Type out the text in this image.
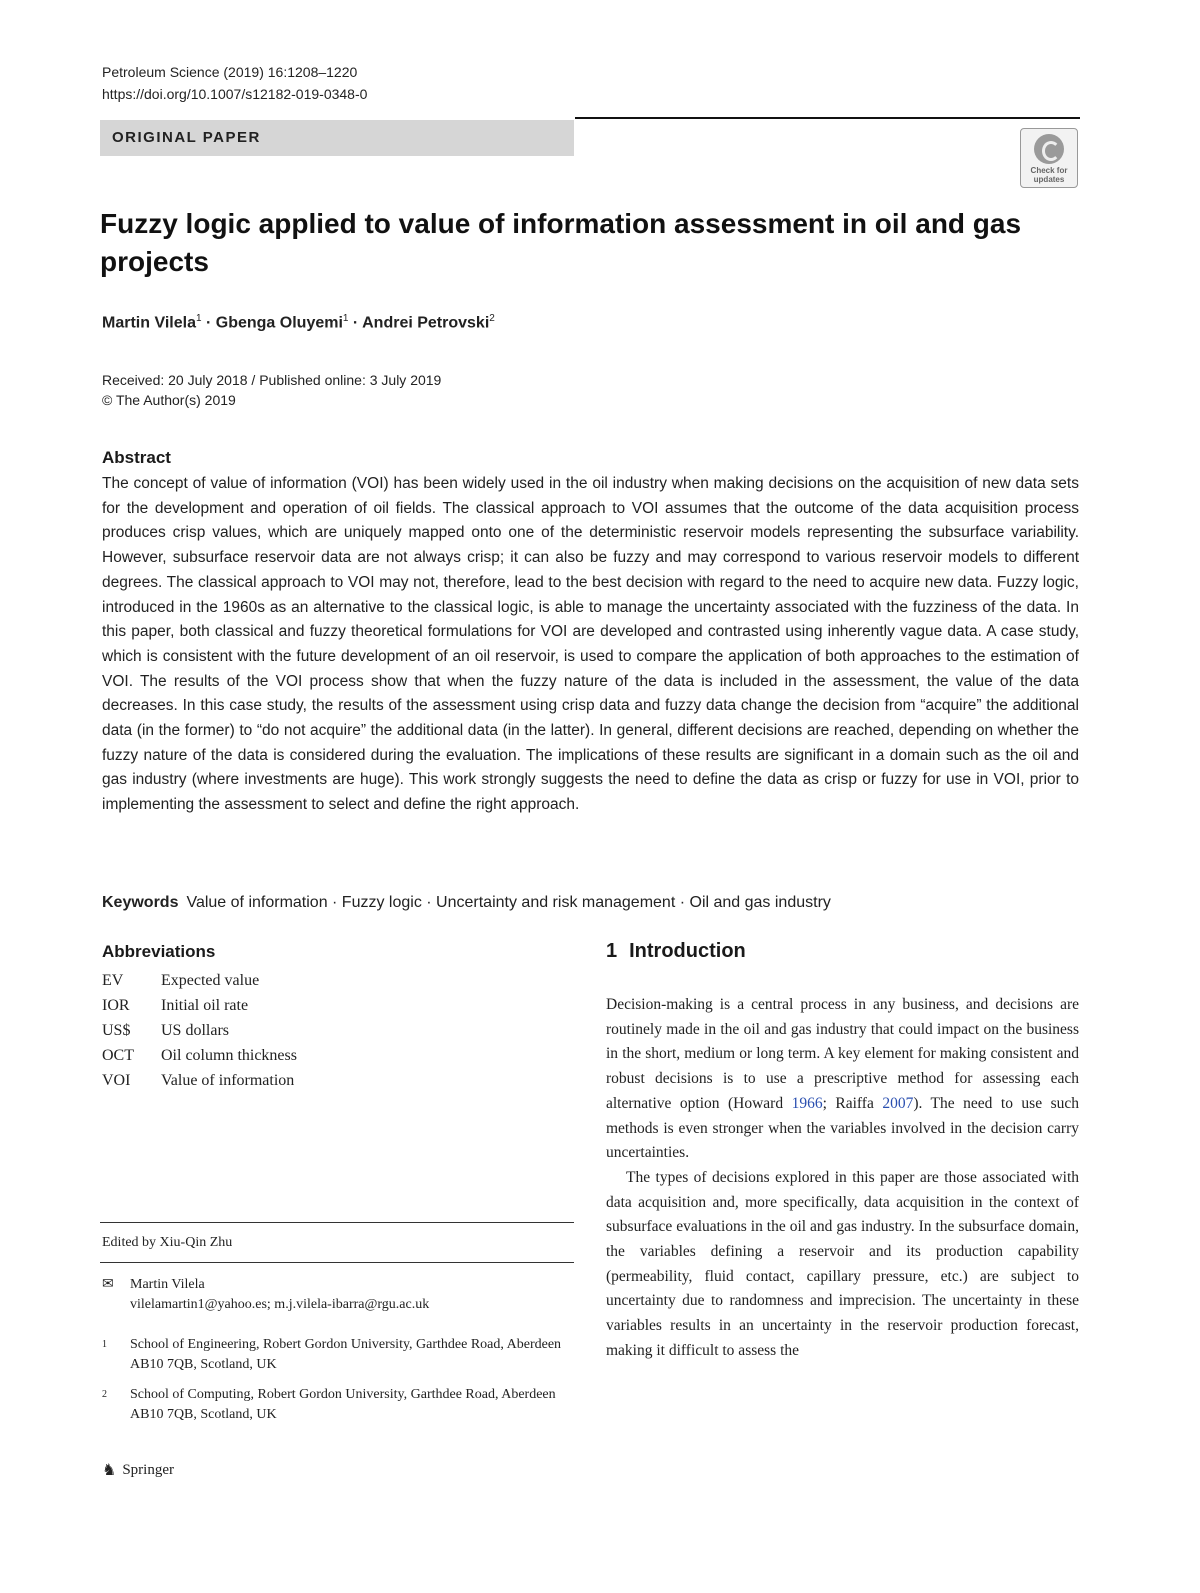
Petroleum Science (2019) 16:1208–1220
https://doi.org/10.1007/s12182-019-0348-0
ORIGINAL PAPER
Check for updates
Fuzzy logic applied to value of information assessment in oil and gas projects
Martin Vilela$^1$ · Gbenga Oluyemi$^1$ · Andrei Petrovski$^2$
Received: 20 July 2018 / Published online: 3 July 2019
© The Author(s) 2019
Abstract
The concept of value of information (VOI) has been widely used in the oil industry when making decisions on the acquisition of new data sets for the development and operation of oil fields. The classical approach to VOI assumes that the outcome of the data acquisition process produces crisp values, which are uniquely mapped onto one of the deterministic reservoir models representing the subsurface variability. However, subsurface reservoir data are not always crisp; it can also be fuzzy and may correspond to various reservoir models to different degrees. The classical approach to VOI may not, therefore, lead to the best decision with regard to the need to acquire new data. Fuzzy logic, introduced in the 1960s as an alternative to the classical logic, is able to manage the uncertainty associated with the fuzziness of the data. In this paper, both classical and fuzzy theoretical formulations for VOI are developed and contrasted using inherently vague data. A case study, which is consistent with the future development of an oil reservoir, is used to compare the application of both approaches to the estimation of VOI. The results of the VOI process show that when the fuzzy nature of the data is included in the assessment, the value of the data decreases. In this case study, the results of the assessment using crisp data and fuzzy data change the decision from “acquire” the additional data (in the former) to “do not acquire” the additional data (in the latter). In general, different decisions are reached, depending on whether the fuzzy nature of the data is considered during the evaluation. The implications of these results are significant in a domain such as the oil and gas industry (where investments are huge). This work strongly suggests the need to define the data as crisp or fuzzy for use in VOI, prior to implementing the assessment to select and define the right approach.
Keywords Value of information · Fuzzy logic · Uncertainty and risk management · Oil and gas industry
Abbreviations
EV	Expected value
IOR	Initial oil rate
US$	US dollars
OCT	Oil column thickness
VOI	Value of information
1 Introduction

Decision-making is a central process in any business, and decisions are routinely made in the oil and gas industry that could impact on the business in the short, medium or long term. A key element for making consistent and robust decisions is to use a prescriptive method for assessing each alternative option (Howard 1966; Raiffa 2007). The need to use such methods is even stronger when the variables involved in the decision carry uncertainties.

The types of decisions explored in this paper are those associated with data acquisition and, more specifically, data acquisition in the context of subsurface evaluations in the oil and gas industry. In the subsurface domain, the variables defining a reservoir and its production capability (permeability, fluid contact, capillary pressure, etc.) are subject to uncertainty due to randomness and imprecision. The uncertainty in these variables results in an uncertainty in the reservoir production forecast, making it difficult to assess the

Edited by Xiu-Qin Zhu
✉	Martin Vilela
vilelamartin1@yahoo.es; m.j.vilela-ibarra@rgu.ac.uk
1	School of Engineering, Robert Gordon University, Garthdee Road, Aberdeen AB10 7QB, Scotland, UK
2	School of Computing, Robert Gordon University, Garthdee Road, Aberdeen AB10 7QB, Scotland, UK
♞ Springer
